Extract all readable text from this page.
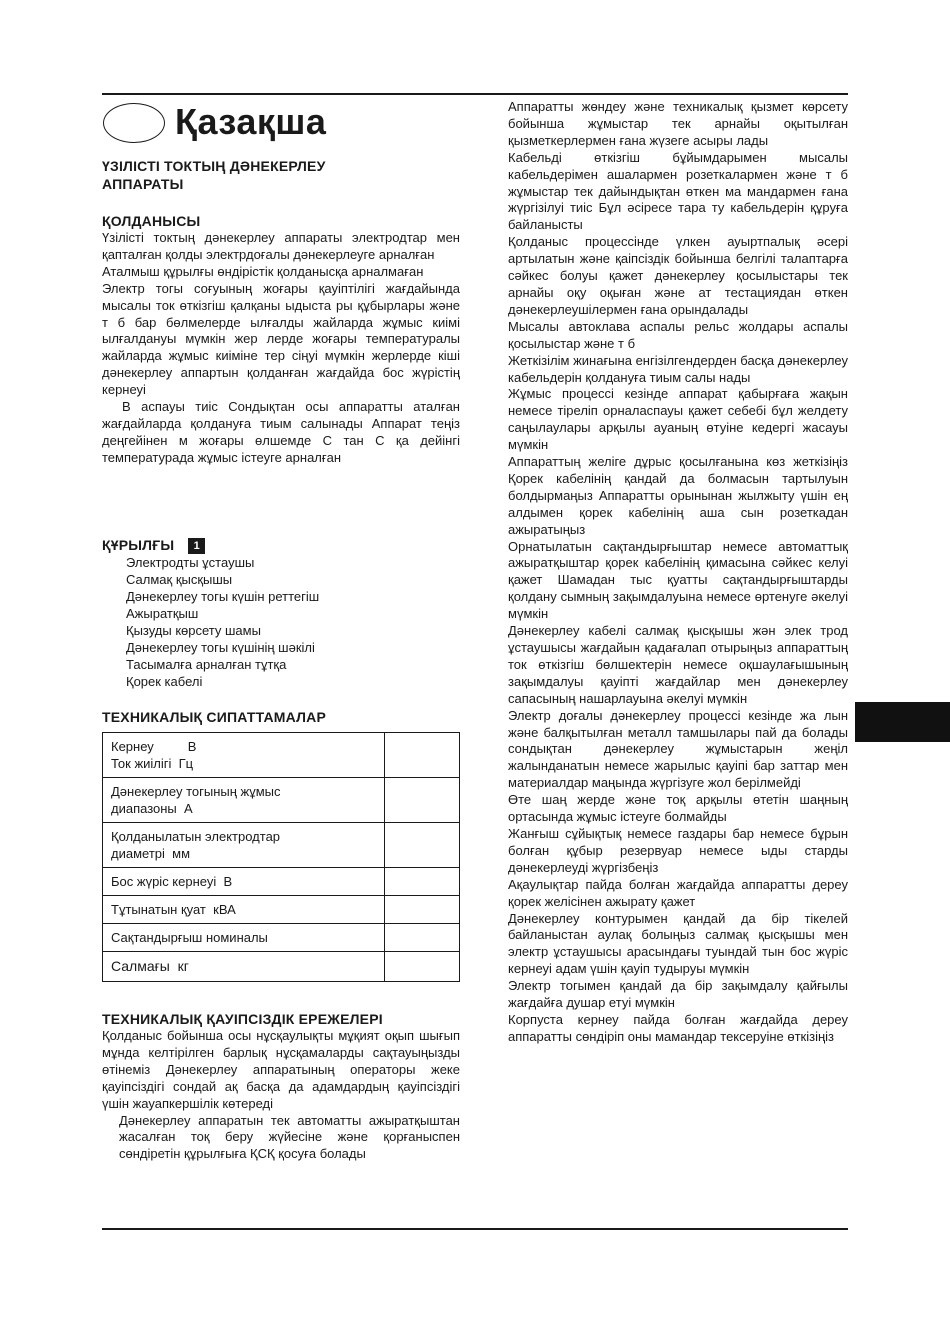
Қазақша
ҮЗІЛІСТІ ТОКТЫҢ ДӘНЕКЕРЛЕУ
АППАРАТЫ
ҚОЛДАНЫСЫ

Үзілісті токтың дәнекерлеу аппараты электродтар мен қапталған қолды электрдоғалы дәнекерлеуге арналған

Аталмыш құрылғы өндірістік қолданысқа арналмаған

Электр тогы соғуының жоғары қауіптілігі жағдайында мысалы ток өткізгіш қалқаны ыдыста ры құбырлары және т б бар бөлмелерде ылғалды жайларда жұмыс киімі ылғалдануы мүмкін жер лерде жоғары температуралы жайларда жұмыс киіміне тер сіңуі мүмкін жерлерде кіші дәнекерлеу аппартын қолданған жағдайда бос жүрістің кернеуі

В аспауы тиіс Сондықтан осы аппаратты аталған жағдайларда қолдануға тиым салынады Аппарат теңіз деңгейінен м жоғары өлшемде С тан С қа дейінгі температурада жұмыс істеуге арналған

ҚҰРЫЛҒЫ 1
Электродты ұстаушы
Салмақ қысқышы
Дәнекерлеу тогы күшін реттегіш
Ажыратқыш
Қызуды көрсету шамы
Дәнекерлеу тогы күшінің шәкілі
Тасымалға арналған тұтқа
Қорек кабелі
ТЕХНИКАЛЫҚ СИПАТТАМАЛАР
Кернеу В
Ток жиілігі Гц	

Дәнекерлеу тогының жұмыс
диапазоны А	

Қолданылатын электродтар
диаметрі мм	

Бос жүріс кернеуі В	
Тұтынатын қуат кВА	
Сақтандырғыш номиналы	
Салмағы кг	
ТЕХНИКАЛЫҚ ҚАУІПСІЗДІК ЕРЕЖЕЛЕРІ

Қолданыс бойынша осы нұсқаулықты мұқият оқып шығып мұнда келтірілген барлық нұсқамаларды сақтауыңызды өтінеміз Дәнекерлеу аппаратының операторы жеке қауіпсіздігі сондай ақ басқа да адамдардың қауіпсіздігі үшін жауапкершілік көтереді

Дәнекерлеу аппаратын тек автоматты ажыратқыштан жасалған тоқ беру жүйесіне және қорғаныспен сөндіретін құрылғыға ҚСҚ қосуға болады

Аппаратты жөндеу және техникалық қызмет көрсету бойынша жұмыстар тек арнайы оқытылған қызметкерлермен ғана жүзеге асыры лады

Кабельді өткізгіш бұйымдарымен мысалы кабельдерімен ашалармен розеткалармен және т б жұмыстар тек дайындықтан өткен ма мандармен ғана жүргізілуі тиіс Бұл әсіресе тара ту кабельдерін құруға байланысты

Қолданыс процессінде үлкен ауыртпалық әсері артылатын және қаіпсіздік бойынша белгілі талаптарға сәйкес болуы қажет дәнекерлеу қосылыстары тек арнайы оқу оқыған және ат тестациядан өткен дәнекерлеушілермен ғана орындалады

Мысалы автоклава аспалы рельс жолдары аспалы қосылыстар және т б

Жеткізілім жинағына енгізілгендерден басқа дәнекерлеу кабельдерін қолдануға тиым салы нады

Жұмыс процессі кезінде аппарат қабырғаға жақын немесе тіреліп орналаспауы қажет себебі бұл желдету саңылаулары арқылы ауаның өтуіне кедергі жасауы мүмкін

Аппараттың желіге дұрыс қосылғанына көз жеткізіңіз Қорек кабелінің қандай да болмасын тартылуын болдырмаңыз Аппаратты орынынан жылжыту үшін ең алдымен қорек кабелінің аша сын розеткадан ажыратыңыз

Орнатылатын сақтандырғыштар немесе автоматтық ажыратқыштар қорек кабелінің қимасына сәйкес келуі қажет Шамадан тыс қуатты сақтандырғыштарды қолдану сымның зақымдалуына немесе өртенуге әкелуі мүмкін

Дәнекерлеу кабелі салмақ қысқышы жән элек трод ұстаушысы жағдайын қадағалап отырыңыз аппараттың ток өткізгіш бөлшектерін немесе оқшаулағышының зақымдалуы қауіпті жағдайлар мен дәнекерлеу сапасының нашарлауына әкелуі мүмкін

Электр доғалы дәнекерлеу процессі кезінде жа лын және балқытылған металл тамшылары пай да болады сондықтан дәнекерлеу жұмыстарын жеңіл жалынданатын немесе жарылыс қауіпі бар заттар мен материалдар маңында жүргізуге жол берілмейді

Өте шаң жерде және тоқ арқылы өтетін шаңның ортасында жұмыс істеуге болмайды

Жанғыш сұйықтық немесе газдары бар немесе бұрын болған құбыр резервуар немесе ыды старды дәнекерлеуді жүргізбеңіз

Ақаулықтар пайда болған жағдайда аппаратты дереу қорек желісінен ажырату қажет

Дәнекерлеу контурымен қандай да бір тікелей байланыстан аулақ болыңыз салмақ қысқышы мен электр ұстаушысы арасындағы туындай тын бос жүріс кернеуі адам үшін қауіп тудыруы мүмкін

Электр тогымен қандай да бір зақымдалу қайғылы жағдайға душар етуі мүмкін

Корпуста кернеу пайда болған жағдайда дереу аппаратты сөндіріп оны мамандар тексеруіне өткізіңіз
